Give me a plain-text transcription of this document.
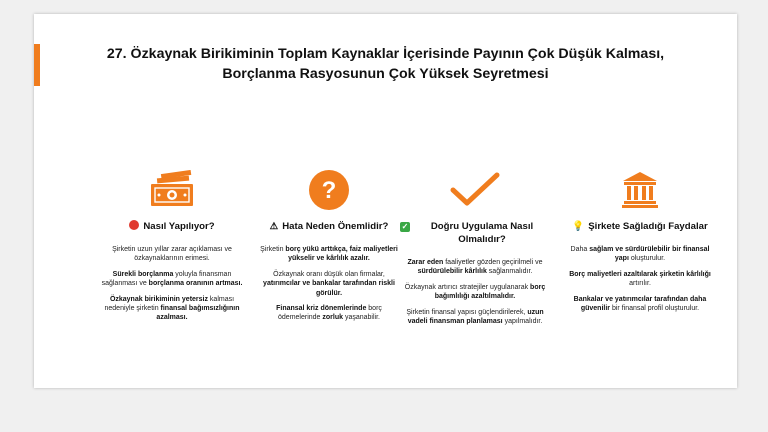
27. Özkaynak Birikiminin Toplam Kaynaklar İçerisinde Payının Çok Düşük Kalması,
Borçlanma Rasyosunun Çok Yüksek Seyretmesi
Nasıl Yapılıyor?

Şirketin uzun yıllar zarar açıklaması ve özkaynaklarının erimesi.

Sürekli borçlanma yoluyla finansman sağlanması ve borçlanma oranının artması.

Özkaynak birikiminin yetersiz kalması nedeniyle şirketin finansal bağımsızlığının azalması.

?
⚠ Hata Neden Önemlidir?

Şirketin borç yükü arttıkça, faiz maliyetleri yükselir ve kârlılık azalır.

Özkaynak oranı düşük olan firmalar, yatırımcılar ve bankalar tarafından riskli görülür.

Finansal kriz dönemlerinde borç ödemelerinde zorluk yaşanabilir.

✓	Doğru Uygulama Nasıl Olmalıdır?

Zarar eden faaliyetler gözden geçirilmeli ve sürdürülebilir kârlılık sağlanmalıdır.

Özkaynak artırıcı stratejiler uygulanarak borç bağımlılığı azaltılmalıdır.

Şirketin finansal yapısı güçlendirilerek, uzun vadeli finansman planlaması yapılmalıdır.

💡 Şirkete Sağladığı Faydalar

Daha sağlam ve sürdürülebilir bir finansal yapı oluşturulur.

Borç maliyetleri azaltılarak şirketin kârlılığı artırılır.

Bankalar ve yatırımcılar tarafından daha güvenilir bir finansal profil oluşturulur.
